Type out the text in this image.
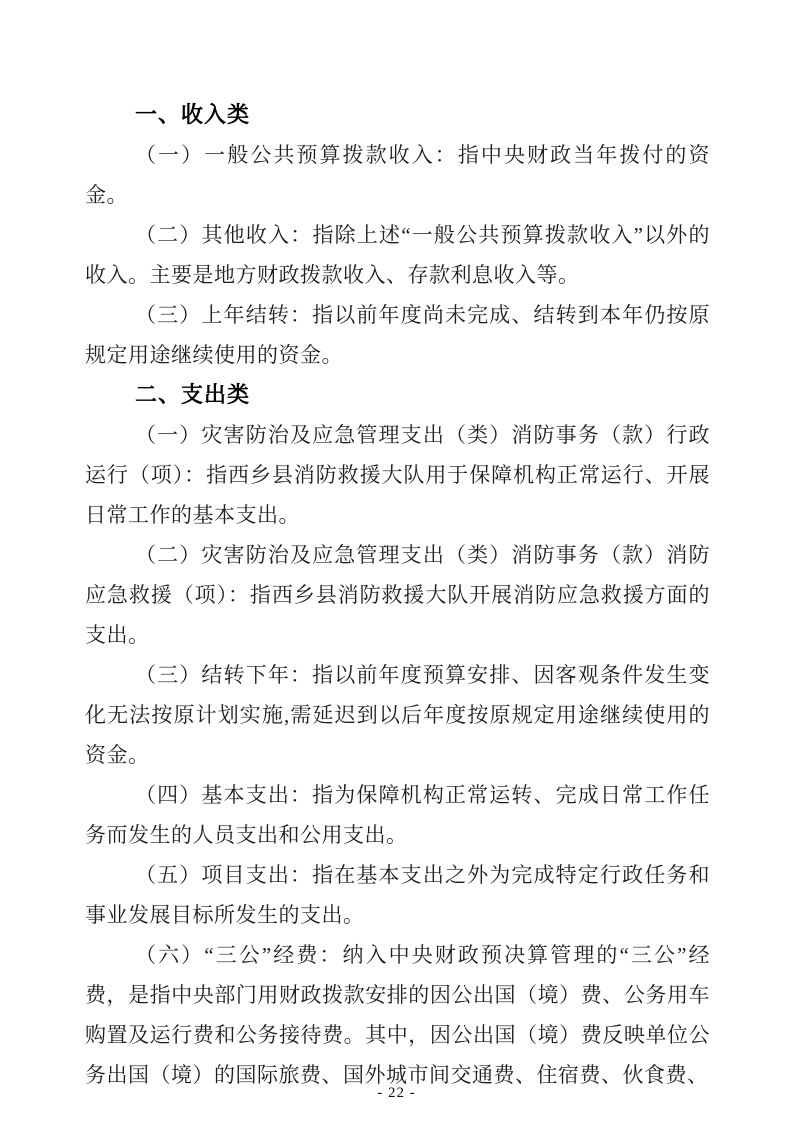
一、收入类

（一）一般公共预算拨款收入：指中央财政当年拨付的资金。

（二）其他收入：指除上述“一般公共预算拨款收入”以外的收入。主要是地方财政拨款收入、存款利息收入等。

（三）上年结转：指以前年度尚未完成、结转到本年仍按原规定用途继续使用的资金。

二、支出类

（一）灾害防治及应急管理支出（类）消防事务（款）行政运行（项）：指西乡县消防救援大队用于保障机构正常运行、开展日常工作的基本支出。

（二）灾害防治及应急管理支出（类）消防事务（款）消防应急救援（项）：指西乡县消防救援大队开展消防应急救援方面的支出。

（三）结转下年：指以前年度预算安排、因客观条件发生变化无法按原计划实施,需延迟到以后年度按原规定用途继续使用的资金。

（四）基本支出：指为保障机构正常运转、完成日常工作任务而发生的人员支出和公用支出。

（五）项目支出：指在基本支出之外为完成特定行政任务和事业发展目标所发生的支出。

（六）“三公”经费：纳入中央财政预决算管理的“三公”经费，是指中央部门用财政拨款安排的因公出国（境）费、公务用车购置及运行费和公务接待费。其中，因公出国（境）费反映单位公务出国（境）的国际旅费、国外城市间交通费、住宿费、伙食费、

- 22 -
